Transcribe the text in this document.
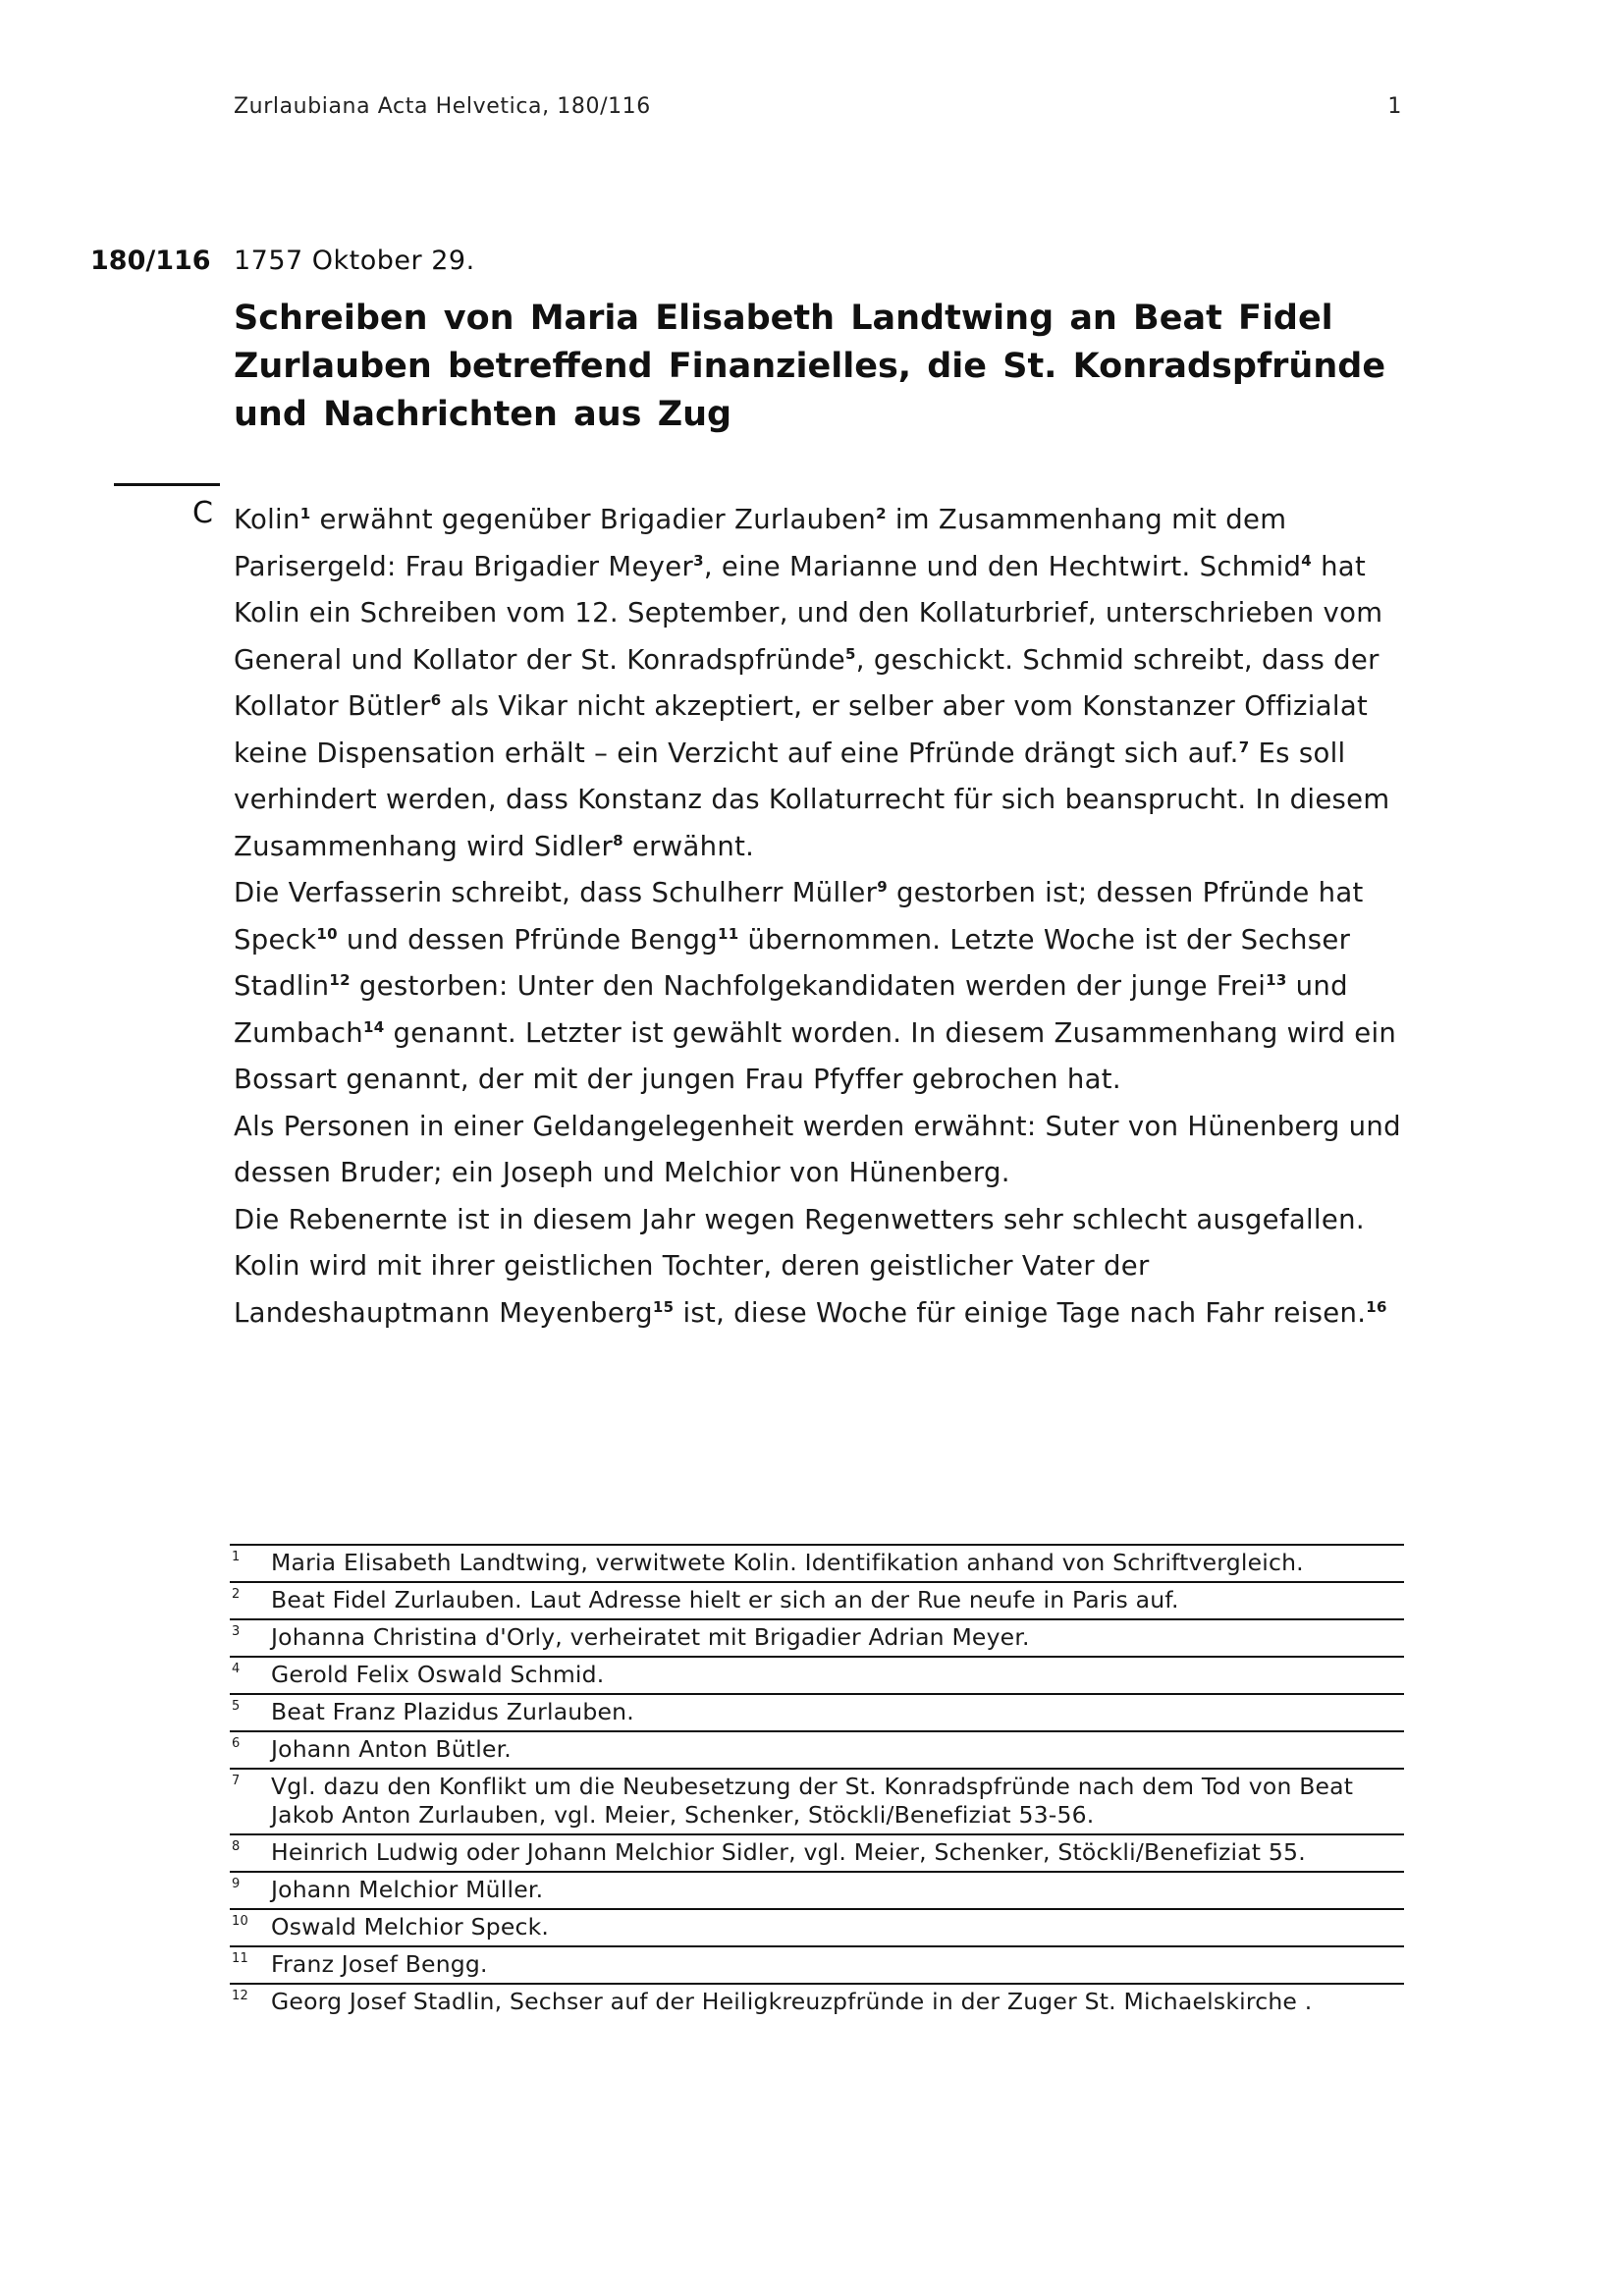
Zurlaubiana Acta Helvetica, 180/116	1
180/116 1757 Oktober 29.
Schreiben von Maria Elisabeth Landtwing an Beat Fidel Zurlauben betreffend Finanzielles, die St. Konradspfründe und Nachrichten aus Zug
C Kolin$^1$ erwähnt gegenüber Brigadier Zurlauben$^2$ im Zusammenhang mit dem Parisergeld: Frau Brigadier Meyer$^3$, eine Marianne und den Hechtwirt. Schmid$^4$ hat Kolin ein Schreiben vom 12. September, und den Kollaturbrief, unterschrieben vom General und Kollator der St. Konradspfründe$^5$, geschickt. Schmid schreibt, dass der Kollator Bütler$^6$ als Vikar nicht akzeptiert, er selber aber vom Konstanzer Offizialat keine Dispensation erhält – ein Verzicht auf eine Pfründe drängt sich auf.$^7$ Es soll verhindert werden, dass Konstanz das Kollaturrecht für sich beansprucht. In diesem Zusammenhang wird Sidler$^8$ erwähnt.

Die Verfasserin schreibt, dass Schulherr Müller$^9$ gestorben ist; dessen Pfründe hat Speck$^{10}$ und dessen Pfründe Bengg$^{11}$ übernommen. Letzte Woche ist der Sechser Stadlin$^{12}$ gestorben: Unter den Nachfolgekandidaten werden der junge Frei$^{13}$ und Zumbach$^{14}$ genannt. Letzter ist gewählt worden. In diesem Zusammenhang wird ein Bossart genannt, der mit der jungen Frau Pfyffer gebrochen hat.

Als Personen in einer Geldangelegenheit werden erwähnt: Suter von Hünenberg und dessen Bruder; ein Joseph und Melchior von Hünenberg.

Die Rebenernte ist in diesem Jahr wegen Regenwetters sehr schlecht ausgefallen. Kolin wird mit ihrer geistlichen Tochter, deren geistlicher Vater der Landeshauptmann Meyenberg$^{15}$ ist, diese Woche für einige Tage nach Fahr reisen.$^{16}$

1	Maria Elisabeth Landtwing, verwitwete Kolin. Identifikation anhand von Schriftvergleich.
2	Beat Fidel Zurlauben. Laut Adresse hielt er sich an der Rue neufe in Paris auf.
3	Johanna Christina d'Orly, verheiratet mit Brigadier Adrian Meyer.
4	Gerold Felix Oswald Schmid.
5	Beat Franz Plazidus Zurlauben.
6	Johann Anton Bütler.
7	Vgl. dazu den Konflikt um die Neubesetzung der St. Konradspfründe nach dem Tod von Beat Jakob Anton Zurlauben, vgl. Meier, Schenker, Stöckli/Benefiziat 53-56.
8	Heinrich Ludwig oder Johann Melchior Sidler, vgl. Meier, Schenker, Stöckli/Benefiziat 55.
9	Johann Melchior Müller.
10 Oswald Melchior Speck.
11 Franz Josef Bengg.
12 Georg Josef Stadlin, Sechser auf der Heiligkreuzpfründe in der Zuger St. Michaelskirche .
